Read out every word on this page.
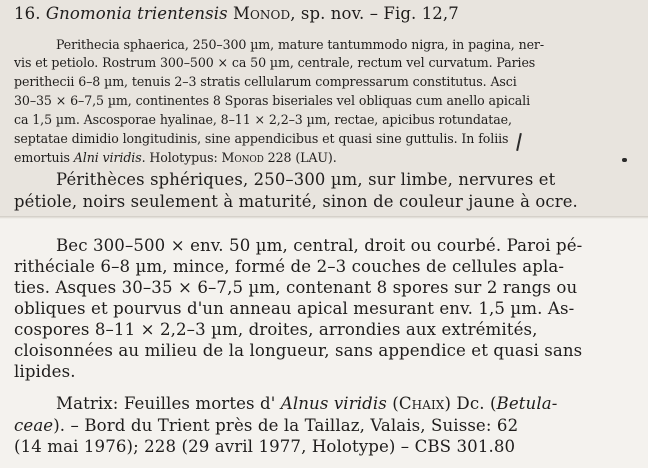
16. Gnomonia trientensis Monod, sp. nov. – Fig. 12,7
Perithecia sphaerica, 250–300 µm, mature tantummodo nigra, in pagina, ner-
vis et petiolo. Rostrum 300–500 × ca 50 µm, centrale, rectum vel curvatum. Paries
perithecii 6–8 µm, tenuis 2–3 stratis cellularum compressarum constitutus. Asci
30–35 × 6–7,5 µm, continentes 8 Sporas biseriales vel obliquas cum anello apicali
ca 1,5 µm. Ascosporae hyalinae, 8–11 × 2,2–3 µm, rectae, apicibus rotundatae,
septatae dimidio longitudinis, sine appendicibus et quasi sine guttulis. In foliis
emortuis Alni viridis. Holotypus: Monod 228 (LAU).
Périthèces sphériques, 250–300 µm, sur limbe, nervures et
pétiole, noirs seulement à maturité, sinon de couleur jaune à ocre.
Bec 300–500 × env. 50 µm, central, droit ou courbé. Paroi pé-
rithéciale 6–8 µm, mince, formé de 2–3 couches de cellules apla-
ties. Asques 30–35 × 6–7,5 µm, contenant 8 spores sur 2 rangs ou
obliques et pourvus d'un anneau apical mesurant env. 1,5 µm. As-
cospores 8–11 × 2,2–3 µm, droites, arrondies aux extrémités,
cloisonnées au milieu de la longueur, sans appendice et quasi sans
lipides.
Matrix: Feuilles mortes d' Alnus viridis (Chaix) Dc. (Betula-
ceae). – Bord du Trient près de la Taillaz, Valais, Suisse: 62
(14 mai 1976); 228 (29 avril 1977, Holotype) – CBS 301.80
